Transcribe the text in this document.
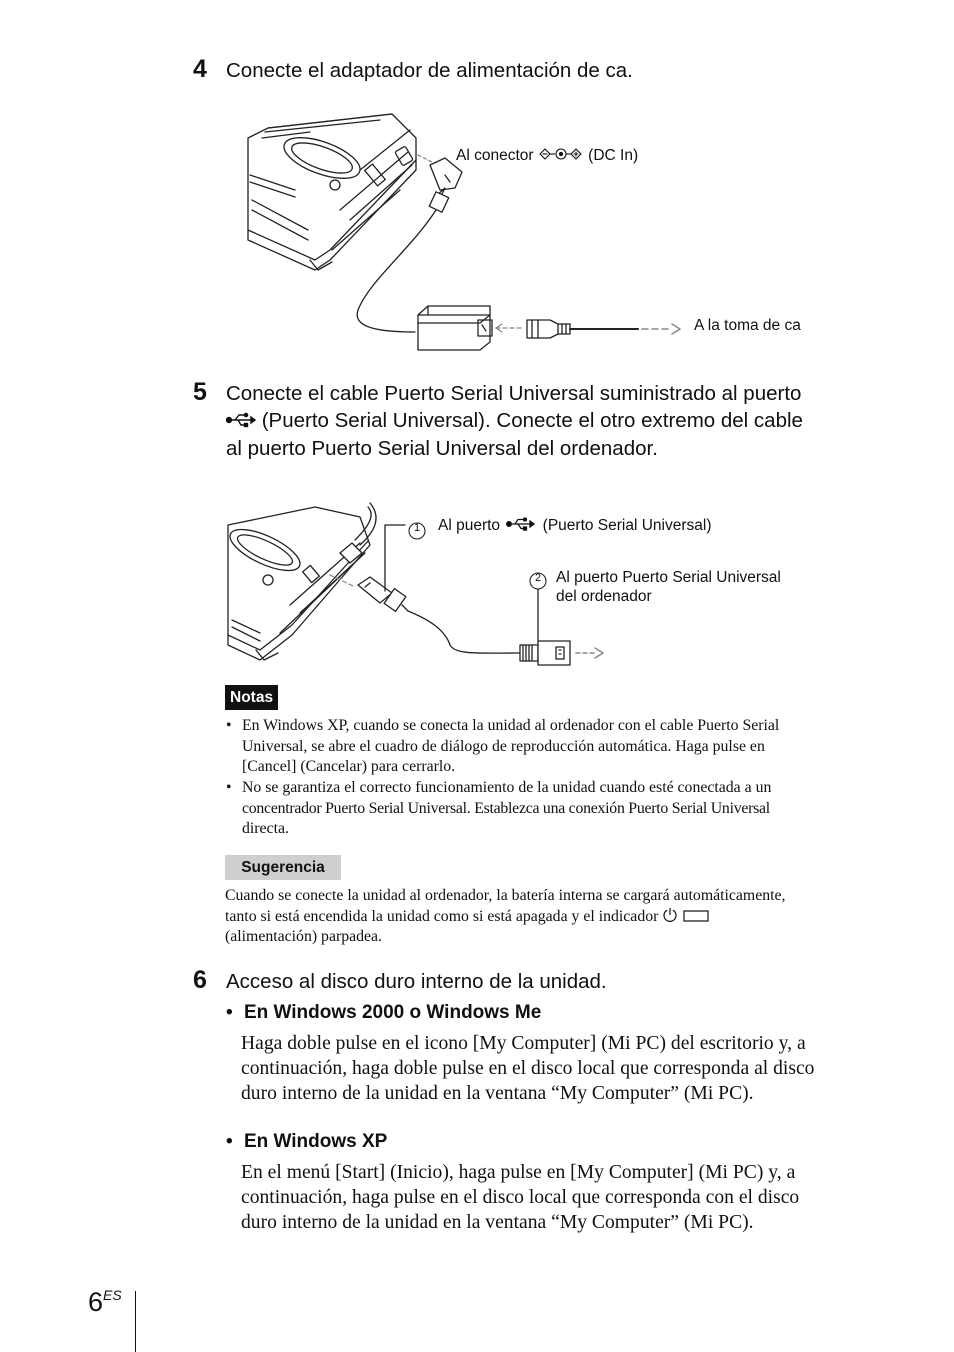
4 Conecte el adaptador de alimentación de ca.
Al conector	(DC In)
A la toma de ca
5 Conecte el cable Puerto Serial Universal suministrado al puerto
(Puerto Serial Universal). Conecte el otro extremo del cable
al puerto Puerto Serial Universal del ordenador.
1
2
Al puerto	(Puerto Serial Universal)
Al puerto Puerto Serial Universal
del ordenador
Notas
• En Windows XP, cuando se conecta la unidad al ordenador con el cable Puerto Serial
Universal, se abre el cuadro de diálogo de reproducción automática. Haga pulse en
[Cancel] (Cancelar) para cerrarlo.
• No se garantiza el correcto funcionamiento de la unidad cuando esté conectada a un
concentrador Puerto Serial Universal. Establezca una conexión Puerto Serial Universal
directa.
Sugerencia
Cuando se conecte la unidad al ordenador, la batería interna se cargará automáticamente,
tanto si está encendida la unidad como si está apagada y el indicador
(alimentación) parpadea.
6 Acceso al disco duro interno de la unidad.
• En Windows 2000 o Windows Me
Haga doble pulse en el icono [My Computer] (Mi PC) del escritorio y, a
continuación, haga doble pulse en el disco local que corresponda al disco
duro interno de la unidad en la ventana “My Computer” (Mi PC).
• En Windows XP
En el menú [Start] (Inicio), haga pulse en [My Computer] (Mi PC) y, a
continuación, haga pulse en el disco local que corresponda con el disco
duro interno de la unidad en la ventana “My Computer” (Mi PC).
$6^{ES}$
